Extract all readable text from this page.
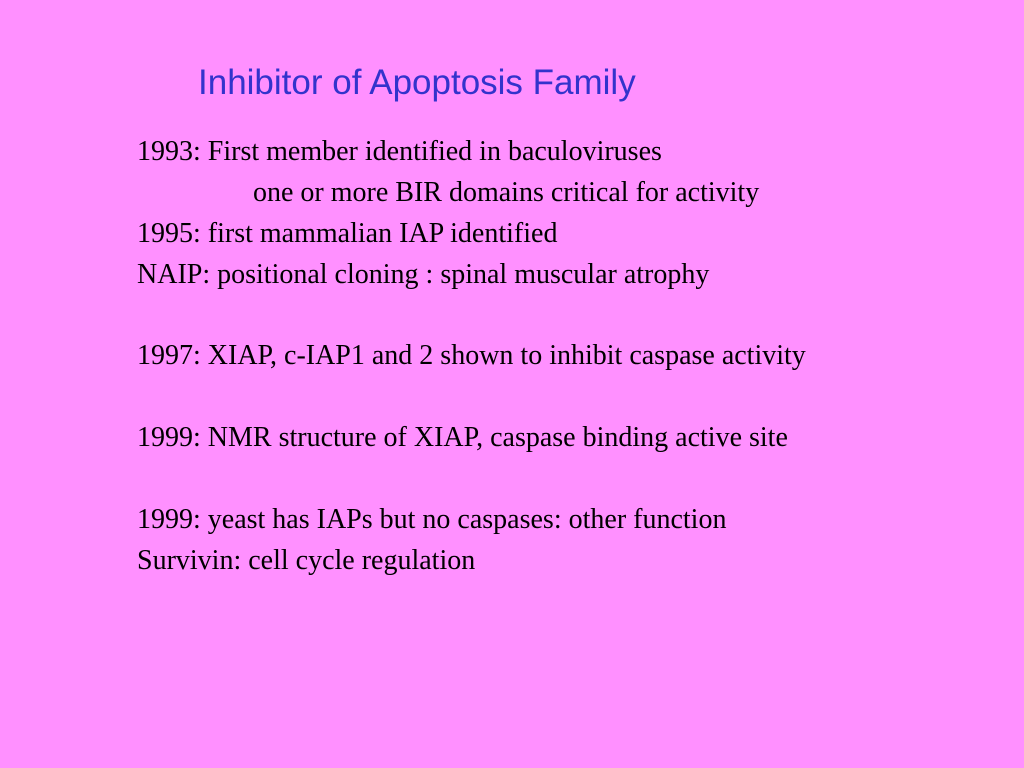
Inhibitor of Apoptosis Family
1993: First member identified in baculoviruses
one or more BIR domains critical for activity
1995: first mammalian IAP identified
NAIP: positional cloning : spinal muscular atrophy
1997: XIAP, c-IAP1 and 2 shown to inhibit caspase activity
1999: NMR structure of XIAP, caspase binding active site
1999: yeast has IAPs but no caspases: other function
Survivin: cell cycle regulation
